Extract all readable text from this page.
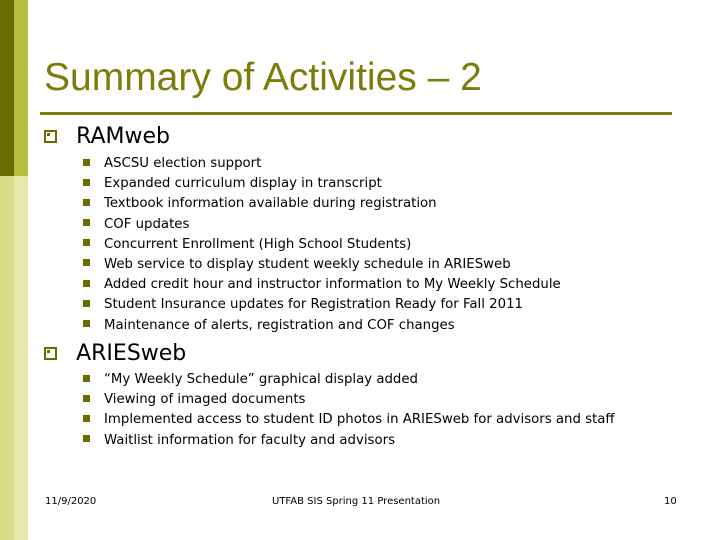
Summary of Activities – 2
RAMweb
ASCSU election support
Expanded curriculum display in transcript
Textbook information available during registration
COF updates
Concurrent Enrollment (High School Students)
Web service to display student weekly schedule in ARIESweb
Added credit hour and instructor information to My Weekly Schedule
Student Insurance updates for Registration Ready for Fall 2011
Maintenance of alerts, registration and COF changes
ARIESweb
“My Weekly Schedule” graphical display added
Viewing of imaged documents
Implemented access to student ID photos in ARIESweb for advisors and staff
Waitlist information for faculty and advisors
11/9/2020	UTFAB SIS Spring 11 Presentation	10
